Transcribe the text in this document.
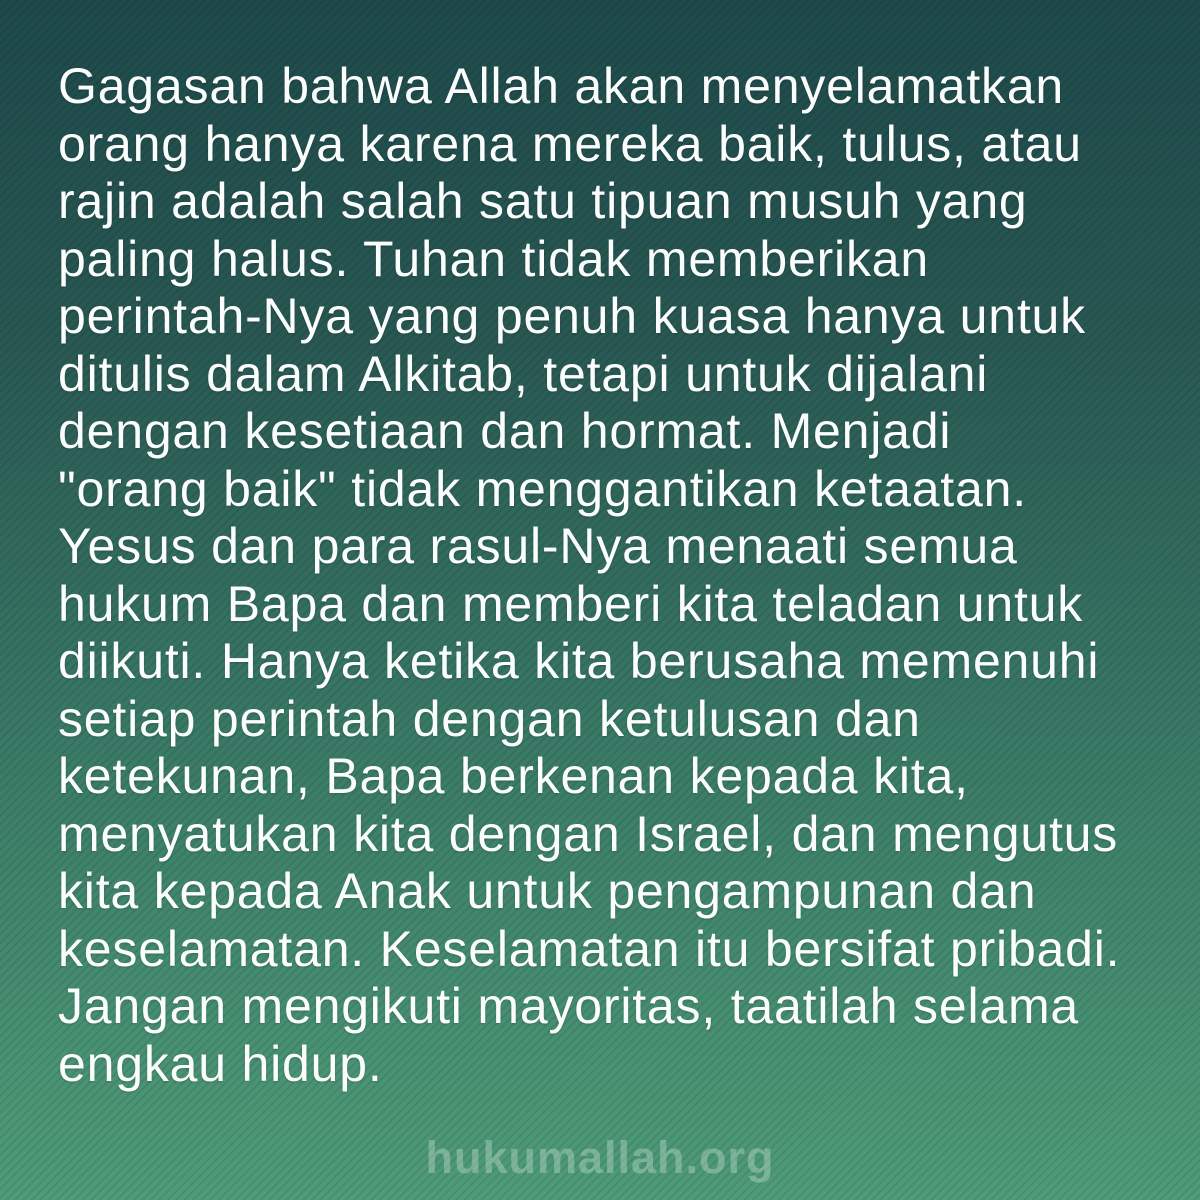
Gagasan bahwa Allah akan menyelamatkan
orang hanya karena mereka baik, tulus, atau
rajin adalah salah satu tipuan musuh yang
paling halus. Tuhan tidak memberikan
perintah-Nya yang penuh kuasa hanya untuk
ditulis dalam Alkitab, tetapi untuk dijalani
dengan kesetiaan dan hormat. Menjadi
"orang baik" tidak menggantikan ketaatan.
Yesus dan para rasul-Nya menaati semua
hukum Bapa dan memberi kita teladan untuk
diikuti. Hanya ketika kita berusaha memenuhi
setiap perintah dengan ketulusan dan
ketekunan, Bapa berkenan kepada kita,
menyatukan kita dengan Israel, dan mengutus
kita kepada Anak untuk pengampunan dan
keselamatan. Keselamatan itu bersifat pribadi.
Jangan mengikuti mayoritas, taatilah selama
engkau hidup.
hukumallah.org
